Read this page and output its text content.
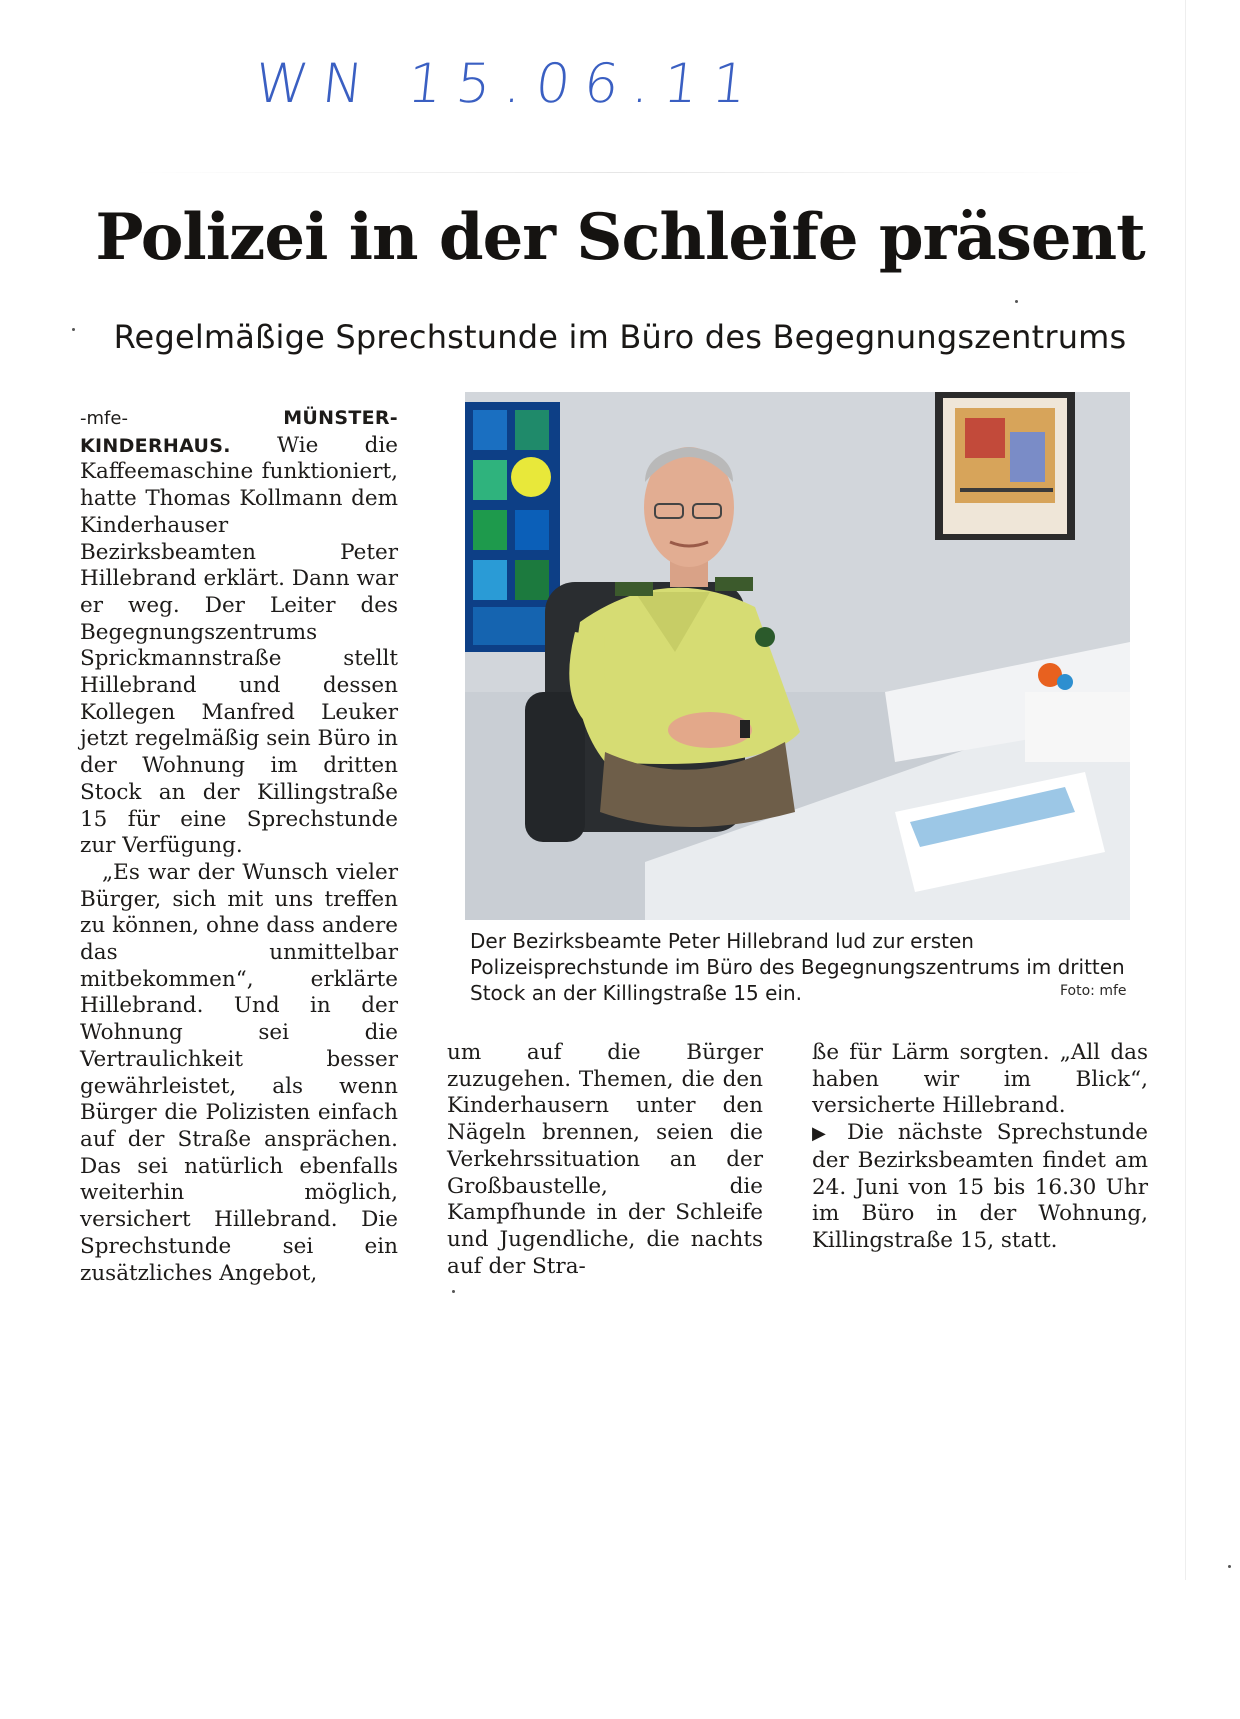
WN 15.06.11
Polizei in der Schleife präsent
Regelmäßige Sprechstunde im Büro des Begegnungszentrums

-mfe-	MÜNSTER-KINDERHAUS. Wie die Kaffeemaschine funktioniert, hatte Thomas Kollmann dem Kinderhauser Bezirksbeamten Peter Hillebrand erklärt. Dann war er weg. Der Leiter des Begegnungszentrums Sprickmannstraße stellt Hillebrand und dessen Kollegen Manfred Leuker jetzt regelmäßig sein Büro in der Wohnung im dritten Stock an der Killingstraße 15 für eine Sprechstunde zur Verfügung.

„Es war der Wunsch vieler Bürger, sich mit uns treffen zu können, ohne dass andere das unmittelbar mitbekommen“, erklärte Hillebrand. Und in der Wohnung sei die Vertraulichkeit besser gewährleistet, als wenn Bürger die Polizisten einfach auf der Straße ansprächen. Das sei natürlich ebenfalls weiterhin möglich, versichert Hillebrand. Die Sprechstunde sei ein zusätzliches Angebot,

Der Bezirksbeamte Peter Hillebrand lud zur ersten Polizeisprechstunde im Büro des Begegnungszentrums im dritten Stock an der Killingstraße 15 ein.	Foto: mfe

um auf die Bürger zuzugehen. Themen, die den Kinderhausern unter den Nägeln brennen, seien die Verkehrssituation an der Großbaustelle, die Kampfhunde in der Schleife und Jugendliche, die nachts auf der Stra-

ße für Lärm sorgten. „All das haben wir im Blick“, versicherte Hillebrand.

▶ Die nächste Sprechstunde der Bezirksbeamten findet am 24. Juni von 15 bis 16.30 Uhr im Büro in der Wohnung, Killingstraße 15, statt.
